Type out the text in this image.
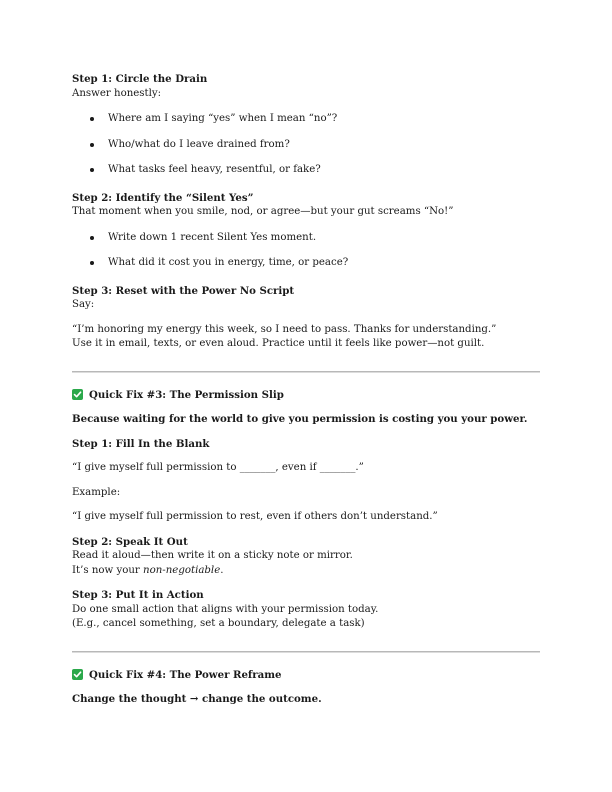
Step 1: Circle the Drain
Answer honestly:
Where am I saying “yes” when I mean “no”?
Who/what do I leave drained from?
What tasks feel heavy, resentful, or fake?
Step 2: Identify the “Silent Yes”
That moment when you smile, nod, or agree—but your gut screams “No!”
Write down 1 recent Silent Yes moment.
What did it cost you in energy, time, or peace?
Step 3: Reset with the Power No Script
Say:
“I’m honoring my energy this week, so I need to pass. Thanks for understanding.”
Use it in email, texts, or even aloud. Practice until it feels like power—not guilt.
Quick Fix #3: The Permission Slip
Because waiting for the world to give you permission is costing you your power.
Step 1: Fill In the Blank
“I give myself full permission to _______, even if _______.”
Example:
“I give myself full permission to rest, even if others don’t understand.”
Step 2: Speak It Out
Read it aloud—then write it on a sticky note or mirror.
It’s now your non-negotiable.
Step 3: Put It in Action
Do one small action that aligns with your permission today.
(E.g., cancel something, set a boundary, delegate a task)
Quick Fix #4: The Power Reframe
Change the thought → change the outcome.
